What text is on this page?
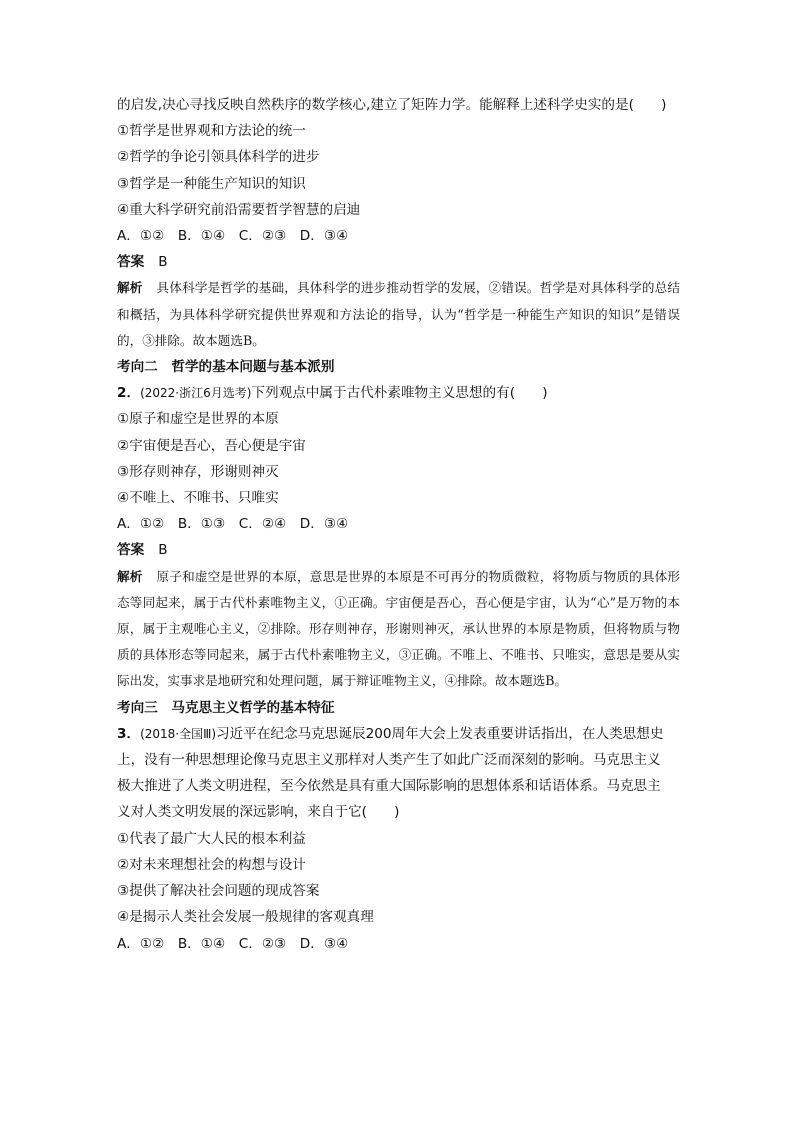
的启发,决心寻找反映自然秩序的数学核心,建立了矩阵力学。能解释上述科学史实的是(　　)
①哲学是世界观和方法论的统一
②哲学的争论引领具体科学的进步
③哲学是一种能生产知识的知识
④重大科学研究前沿需要哲学智慧的启迪
A．①②　B．①④　C．②③　D．③④
答案 B

解析 具体科学是哲学的基础，具体科学的进步推动哲学的发展，②错误。哲学是对具体科学的总结和概括，为具体科学研究提供世界观和方法论的指导，认为“哲学是一种能生产知识的知识”是错误的，③排除。故本题选B。

考向二　哲学的基本问题与基本派别
2．(2022·浙江6月选考)下列观点中属于古代朴素唯物主义思想的有(　　)
①原子和虚空是世界的本原
②宇宙便是吾心，吾心便是宇宙
③形存则神存，形谢则神灭
④不唯上、不唯书、只唯实
A．①②　B．①③　C．②④　D．③④
答案 B

解析 原子和虚空是世界的本原，意思是世界的本原是不可再分的物质微粒，将物质与物质的具体形态等同起来，属于古代朴素唯物主义，①正确。宇宙便是吾心，吾心便是宇宙，认为“心”是万物的本原，属于主观唯心主义，②排除。形存则神存，形谢则神灭，承认世界的本原是物质，但将物质与物质的具体形态等同起来，属于古代朴素唯物主义，③正确。不唯上、不唯书、只唯实，意思是要从实际出发，实事求是地研究和处理问题，属于辩证唯物主义，④排除。故本题选B。

考向三　马克思主义哲学的基本特征
3．(2018·全国Ⅲ)习近平在纪念马克思诞辰200周年大会上发表重要讲话指出，在人类思想史
上，没有一种思想理论像马克思主义那样对人类产生了如此广泛而深刻的影响。马克思主义
极大推进了人类文明进程，至今依然是具有重大国际影响的思想体系和话语体系。马克思主
义对人类文明发展的深远影响，来自于它(　　)
①代表了最广大人民的根本利益
②对未来理想社会的构想与设计
③提供了解决社会问题的现成答案
④是揭示人类社会发展一般规律的客观真理
A．①②　B．①④　C．②③　D．③④
